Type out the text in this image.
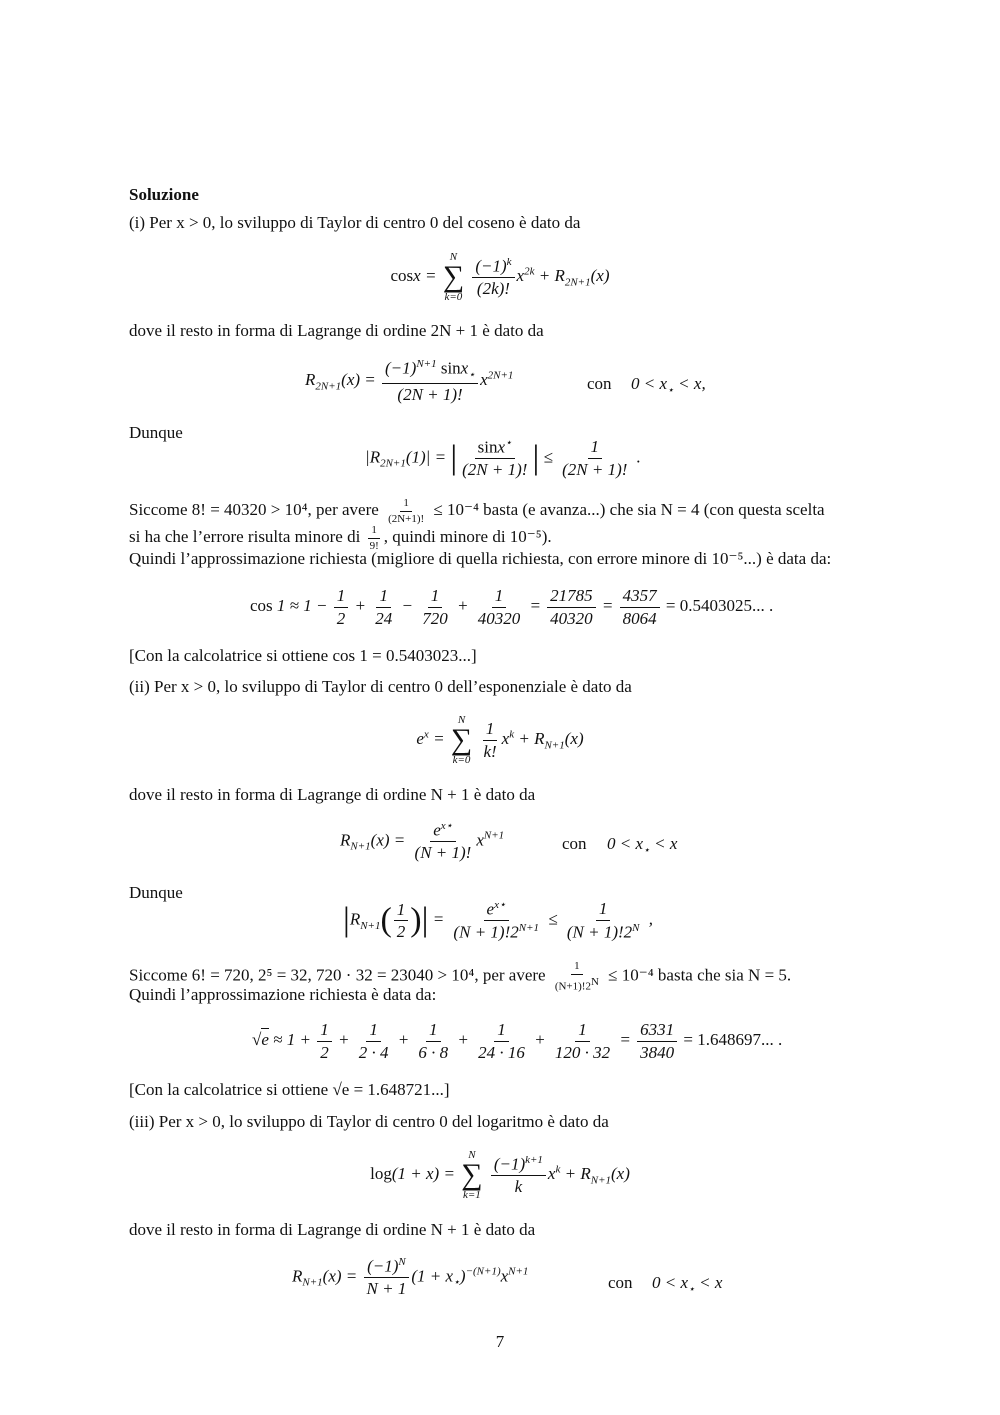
Soluzione
(i) Per x > 0, lo sviluppo di Taylor di centro 0 del coseno è dato da
cosx =
N
∑
k=0
$\frac{(-1)^k}{(2k)!} x^{2k} + R_{2N+1}(x)$
dove il resto in forma di Lagrange di ordine 2N + 1 è dato da
$R_{2N+1}(x) = \frac{(-1)^{N+1} \sin x_⋆}{(2N + 1)!} x^{2N+1}$	con $0 < x_⋆ < x$,
Dunque
$|R_{2N+1}(1)|$ = | $\frac{\sin x^⋆}{(2N + 1)!}$ | ≤ $\frac{1}{(2N + 1)!}$ .
Siccome 8! = 40320 > 10⁴, per avere $\frac{1}{(2N+1)!} \le 10^{-4}$ basta (e avanza...) che sia N = 4 (con questa scelta
si ha che l’errore risulta minore di $\frac{1}{9!}$ , quindi minore di 10⁻⁵).
Quindi l’approssimazione richiesta (migliore di quella richiesta, con errore minore di 10⁻⁵...) è data da:
$\cos 1 \approx 1 - \frac{1}{2} + \frac{1}{24} - \frac{1}{720} + \frac{1}{40320} = \frac{21785}{40320} = \frac{4357}{8064} = 0.5403025$... .
[Con la calcolatrice si ottiene cos 1 = 0.5403023...]
(ii) Per x > 0, lo sviluppo di Taylor di centro 0 dell’esponenziale è dato da
$e^x$ =
N
∑
k=0
$\frac{1}{k!} x^k + R_{N+1}(x)$
dove il resto in forma di Lagrange di ordine N + 1 è dato da
$R_{N+1}(x) = \frac{e^{x⋆}}{(N + 1)!} x^{N+1}$	con $0 < x_⋆ < x$
Dunque
$|R_{N+1}( \frac{1}{2}$ )| = $\frac{e^{x⋆}}{(N + 1)!2^{N+1}} \le \frac{1}{(N + 1)!2^N}$ ,
Siccome 6! = 720, 2⁵ = 32, 720 · 32 = 23040 > 10⁴, per avere $\frac{1}{(N+1)!2^N} \le 10^{-4}$ basta che sia N = 5.
Quindi l’approssimazione richiesta è data da:
$√e \approx 1 + \frac{1}{2} + \frac{1}{2 \cdot 4} + \frac{1}{6 \cdot 8} + \frac{1}{24 \cdot 16} + \frac{1}{120 \cdot 32} = \frac{6331}{3840} = 1.648697$... .
[Con la calcolatrice si ottiene √e = 1.648721...]
(iii) Per x > 0, lo sviluppo di Taylor di centro 0 del logaritmo è dato da
log(1 + x) =
N
∑
k=1
$\frac{(-1)^{k+1}}{k} x^k + R_{N+1}(x)$
dove il resto in forma di Lagrange di ordine N + 1 è dato da
$R_{N+1}(x) = \frac{(-1)^N}{N + 1} (1 + x_⋆)^{-(N+1)}x^{N+1}$
con $0 < x_⋆ < x$
7
